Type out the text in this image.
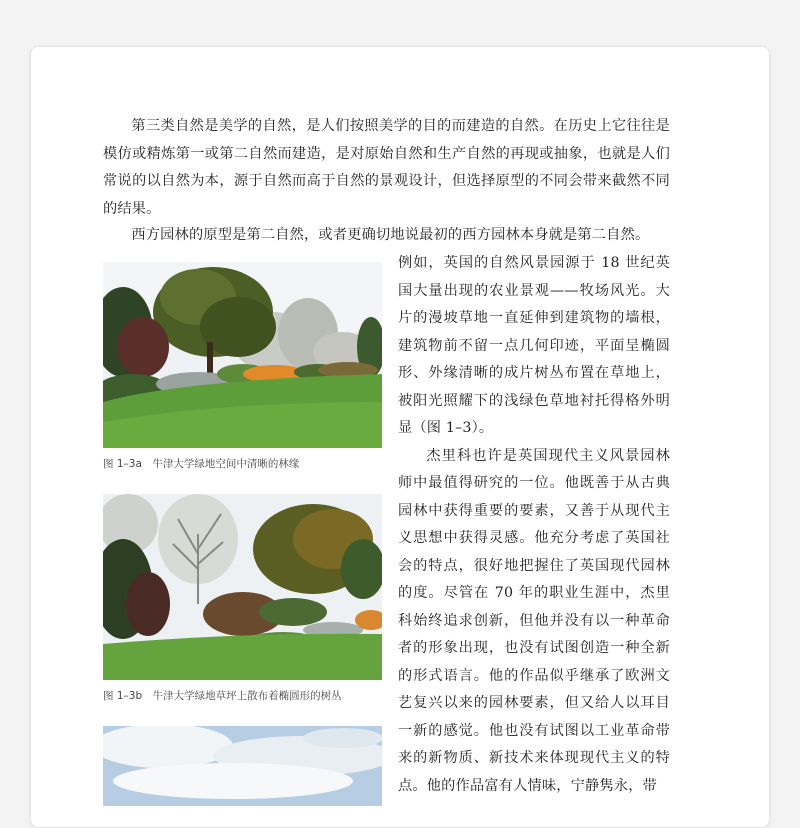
第三类自然是美学的自然，是人们按照美学的目的而建造的自然。在历史上它往往是模仿或精炼第一或第二自然而建造，是对原始自然和生产自然的再现或抽象，也就是人们常说的以自然为本，源于自然而高于自然的景观设计，但选择原型的不同会带来截然不同的结果。

西方园林的原型是第二自然，或者更确切地说最初的西方园林本身就是第二自然。

图 1–3a　牛津大学绿地空间中清晰的林缘

图 1–3b　牛津大学绿地草坪上散布着椭圆形的树丛

例如，英国的自然风景园源于 18 世纪英国大量出现的农业景观——牧场风光。大片的漫坡草地一直延伸到建筑物的墙根，建筑物前不留一点几何印迹，平面呈椭圆形、外缘清晰的成片树丛布置在草地上，被阳光照耀下的浅绿色草地衬托得格外明显（图 1–3）。

杰里科也许是英国现代主义风景园林师中最值得研究的一位。他既善于从古典园林中获得重要的要素，又善于从现代主义思想中获得灵感。他充分考虑了英国社会的特点，很好地把握住了英国现代园林的度。尽管在 70 年的职业生涯中，杰里科始终追求创新，但他并没有以一种革命者的形象出现，也没有试图创造一种全新的形式语言。他的作品似乎继承了欧洲文艺复兴以来的园林要素，但又给人以耳目一新的感觉。他也没有试图以工业革命带来的新物质、新技术来体现现代主义的特点。他的作品富有人情味，宁静隽永，带
